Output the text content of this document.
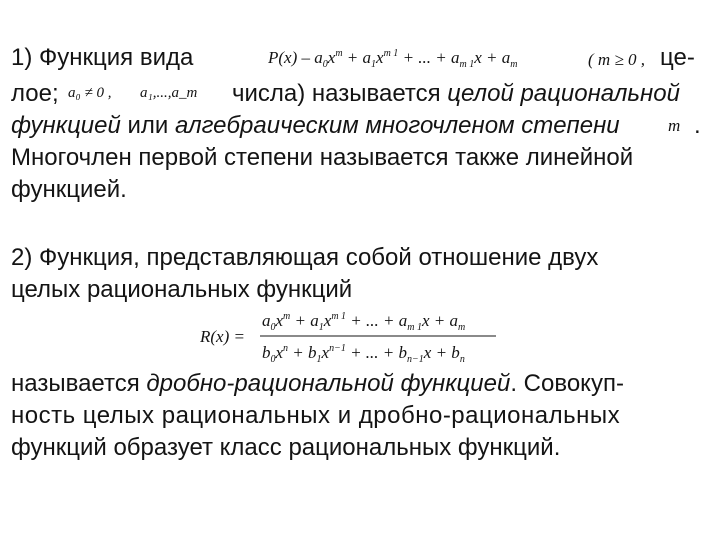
1) Функция вида	$P(x) - a_0x^m + a_1x^{m 1}$ + ... + $a_{m 1}x + a_m$	( m ≥ 0 , це-
лое; a₀ ≠ 0 , a₁,...,a_m числа) называется целой рациональной
функцией или алгебраическим многочленом степени	m .
Многочлен первой степени называется также линейной
функцией.
2) Функция, представляющая собой отношение двух
целых рациональных функций
R(x) =
$a_0x^m + a_1x^{m 1}$ + ... + $a_{m 1}x + a_m$
$b_0x^n + b_1x^{n-1}$ + ... + $b_{n-1}x + b_n$
называется дробно-рациональной функцией. Совокуп-
ность целых рациональных и дробно-рациональных
функций образует класс рациональных функций.
